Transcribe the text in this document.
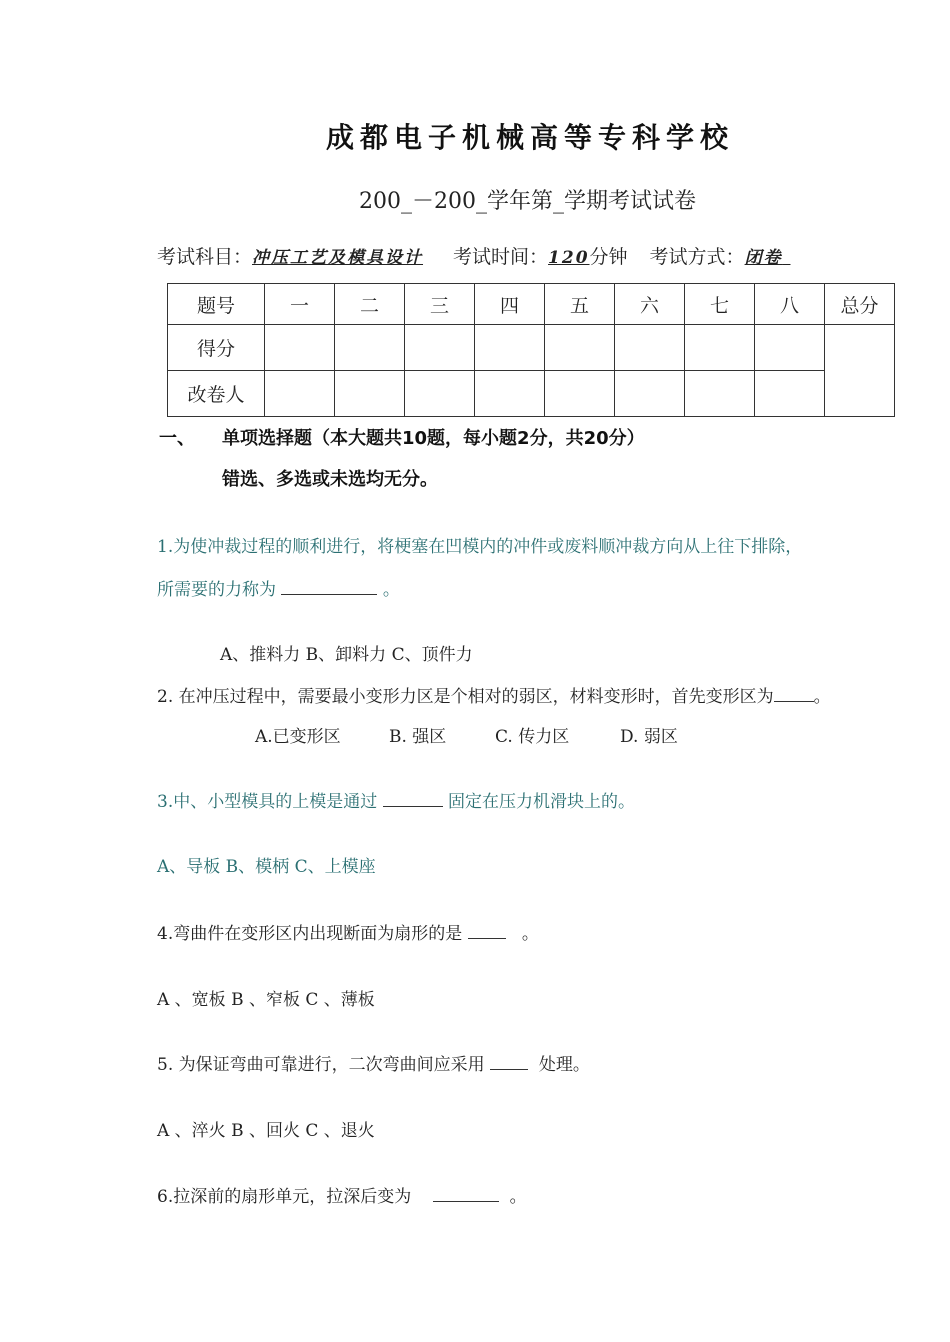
成都电子机械高等专科学校
200_－200_学年第_学期考试试卷
考试科目：冲压工艺及模具设计 考试时间：120分钟 考试方式：闭卷
题号	一	二	三	四	五	六	七	八	总分
得分									
改卷人									
一、 单项选择题（本大题共10题，每小题2分，共20分）
错选、多选或未选均无分。
1.为使冲裁过程的顺利进行，将梗塞在凹模内的冲件或废料顺冲裁方向从上往下排除，
所需要的力称为	。
A、推料力 B、卸料力 C、顶件力
2. 在冲压过程中，需要最小变形力区是个相对的弱区，材料变形时，首先变形区为 。
A.已变形区	B. 强区	C. 传力区	D. 弱区
3.中、小型模具的上模是通过	固定在压力机滑块上的。
A、导板 B、模柄 C、上模座
4.弯曲件在变形区内出现断面为扇形的是	。
A 、宽板 B 、窄板 C 、薄板
5. 为保证弯曲可靠进行，二次弯曲间应采用	处理。
A 、淬火 B 、回火 C 、退火
6.拉深前的扇形单元，拉深后变为	。
